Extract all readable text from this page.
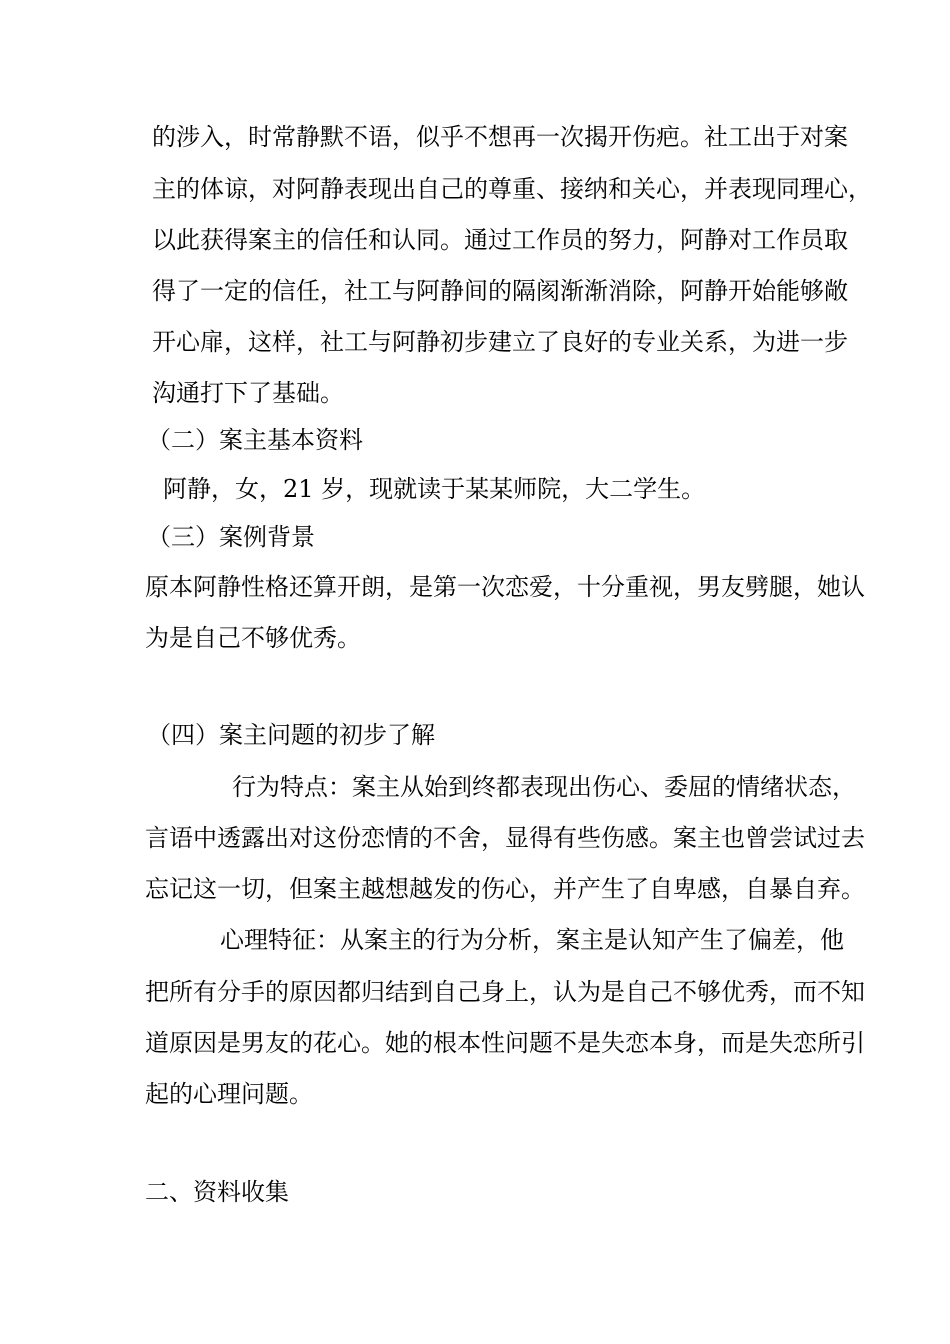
的涉入，时常静默不语，似乎不想再一次揭开伤疤。社工出于对案
主的体谅，对阿静表现出自己的尊重、接纳和关心，并表现同理心，
以此获得案主的信任和认同。通过工作员的努力，阿静对工作员取
得了一定的信任，社工与阿静间的隔阂渐渐消除，阿静开始能够敞
开心扉，这样，社工与阿静初步建立了良好的专业关系，为进一步
沟通打下了基础。
（二）案主基本资料
阿静，女，21 岁，现就读于某某师院，大二学生。
（三）案例背景
原本阿静性格还算开朗，是第一次恋爱，十分重视，男友劈腿，她认
为是自己不够优秀。
（四）案主问题的初步了解
行为特点：案主从始到终都表现出伤心、委屈的情绪状态，
言语中透露出对这份恋情的不舍，显得有些伤感。案主也曾尝试过去
忘记这一切，但案主越想越发的伤心，并产生了自卑感，自暴自弃。
心理特征：从案主的行为分析，案主是认知产生了偏差，他
把所有分手的原因都归结到自己身上，认为是自己不够优秀，而不知
道原因是男友的花心。她的根本性问题不是失恋本身，而是失恋所引
起的心理问题。
二、资料收集
